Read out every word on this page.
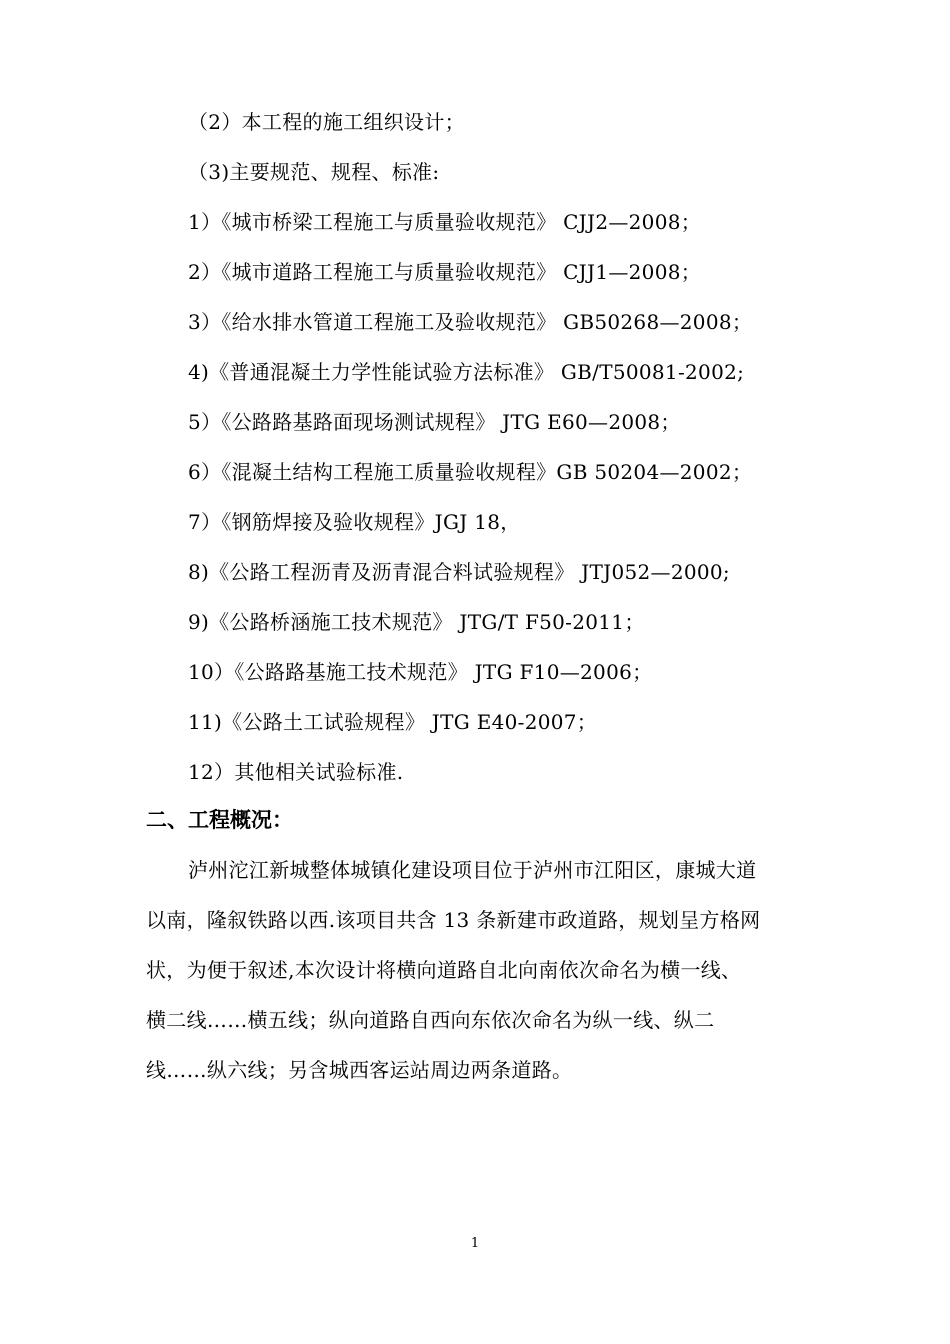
（2）本工程的施工组织设计；
（3)主要规范、规程、标准:
1）《城市桥梁工程施工与质量验收规范》 CJJ2—2008；
2）《城市道路工程施工与质量验收规范》 CJJ1—2008；
3）《给水排水管道工程施工及验收规范》 GB50268—2008；
4)《普通混凝土力学性能试验方法标准》 GB/T50081-2002;
5）《公路路基路面现场测试规程》 JTG E60—2008；
6）《混凝土结构工程施工质量验收规程》GB 50204—2002；
7）《钢筋焊接及验收规程》JGJ 18，
8)《公路工程沥青及沥青混合料试验规程》 JTJ052—2000;
9)《公路桥涵施工技术规范》 JTG/T F50-2011；
10）《公路路基施工技术规范》 JTG F10—2006；
11)《公路土工试验规程》 JTG E40-2007；
12）其他相关试验标准.
二、工程概况：
泸州沱江新城整体城镇化建设项目位于泸州市江阳区，康城大道
以南，隆叙铁路以西.该项目共含 13 条新建市政道路，规划呈方格网
状，为便于叙述,本次设计将横向道路自北向南依次命名为横一线、
横二线……横五线；纵向道路自西向东依次命名为纵一线、纵二
线……纵六线；另含城西客运站周边两条道路。
1
